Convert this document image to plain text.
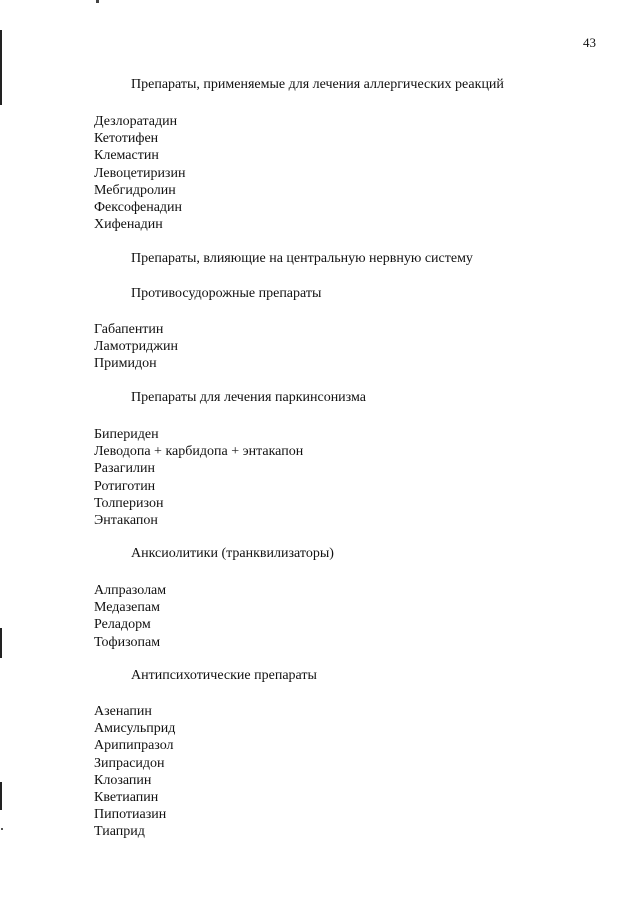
43
Препараты, применяемые для лечения аллергических реакций
Дезлоратадин
Кетотифен
Клемастин
Левоцетиризин
Мебгидролин
Фексофенадин
Хифенадин
Препараты, влияющие на центральную нервную систему
Противосудорожные препараты
Габапентин
Ламотриджин
Примидон
Препараты для лечения паркинсонизма
Бипериден
Леводопа + карбидопа + энтакапон
Разагилин
Ротиготин
Толперизон
Энтакапон
Анксиолитики (транквилизаторы)
Алпразолам
Медазепам
Реладорм
Тофизопам
Антипсихотические препараты
Азенапин
Амисульприд
Арипипразол
Зипрасидон
Клозапин
Кветиапин
Пипотиазин
Тиаприд
